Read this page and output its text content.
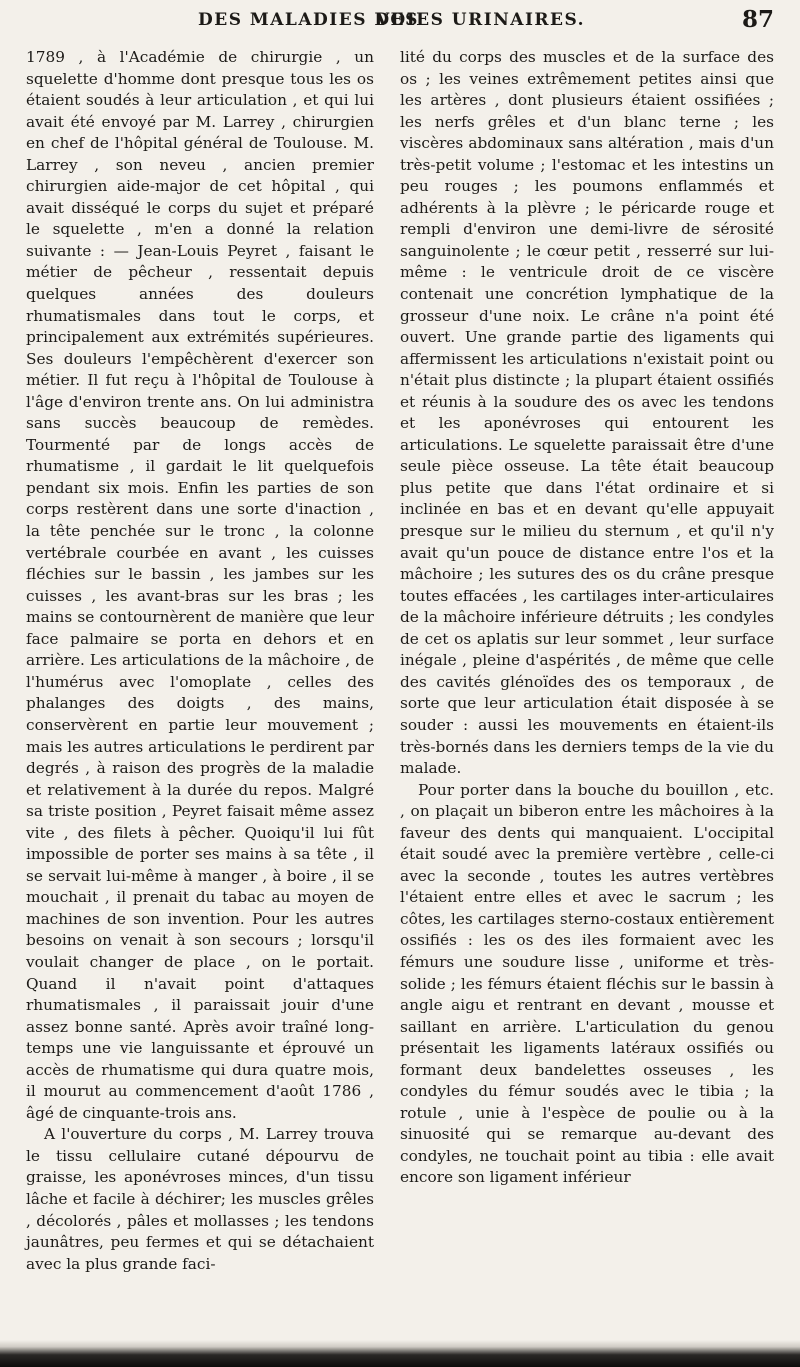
DES MALADIES DES
VOIES URINAIRES.	87

1789 , à l'Académie de chirurgie , un squelette d'homme dont presque tous les os étaient soudés à leur articulation , et qui lui avait été envoyé par M. Larrey , chirurgien en chef de l'hôpital général de Toulouse. M. Larrey , son neveu , ancien premier chirurgien aide-major de cet hôpital , qui avait disséqué le corps du sujet et préparé le squelette , m'en a donné la relation suivante : — Jean-Louis Peyret , faisant le métier de pêcheur , ressentait depuis quelques années des douleurs rhumatismales dans tout le corps, et principalement aux extrémités supérieures. Ses douleurs l'empêchèrent d'exercer son métier. Il fut reçu à l'hôpital de Toulouse à l'âge d'environ trente ans. On lui administra sans succès beaucoup de remèdes. Tourmenté par de longs accès de rhumatisme , il gardait le lit quelquefois pendant six mois. Enfin les parties de son corps restèrent dans une sorte d'inaction , la tête penchée sur le tronc , la colonne vertébrale courbée en avant , les cuisses fléchies sur le bassin , les jambes sur les cuisses , les avant-bras sur les bras ; les mains se contournèrent de manière que leur face palmaire se porta en dehors et en arrière. Les articulations de la mâchoire , de l'humérus avec l'omoplate , celles des phalanges des doigts , des mains, conservèrent en partie leur mouvement ; mais les autres articulations le perdirent par degrés , à raison des progrès de la maladie et relativement à la durée du repos. Malgré sa triste position , Peyret faisait même assez vite , des filets à pêcher. Quoiqu'il lui fût impossible de porter ses mains à sa tête , il se servait lui-même à manger , à boire , il se mouchait , il prenait du tabac au moyen de machines de son invention. Pour les autres besoins on venait à son secours ; lorsqu'il voulait changer de place , on le portait. Quand il n'avait point d'attaques rhumatismales , il paraissait jouir d'une assez bonne santé. Après avoir traîné long-temps une vie languissante et éprouvé un accès de rhumatisme qui dura quatre mois, il mourut au commencement d'août 1786 , âgé de cinquante-trois ans.

A l'ouverture du corps , M. Larrey trouva le tissu cellulaire cutané dépourvu de graisse, les aponévroses minces, d'un tissu lâche et facile à déchirer; les muscles grêles , décolorés , pâles et mollasses ; les tendons jaunâtres, peu fermes et qui se détachaient avec la plus grande faci-

lité du corps des muscles et de la surface des os ; les veines extrêmement petites ainsi que les artères , dont plusieurs étaient ossifiées ; les nerfs grêles et d'un blanc terne ; les viscères abdominaux sans altération , mais d'un très-petit volume ; l'estomac et les intestins un peu rouges ; les poumons enflammés et adhérents à la plèvre ; le péricarde rouge et rempli d'environ une demi-livre de sérosité sanguinolente ; le cœur petit , resserré sur lui-même : le ventricule droit de ce viscère contenait une concrétion lymphatique de la grosseur d'une noix. Le crâne n'a point été ouvert. Une grande partie des ligaments qui affermissent les articulations n'existait point ou n'était plus distincte ; la plupart étaient ossifiés et réunis à la soudure des os avec les tendons et les aponévroses qui entourent les articulations. Le squelette paraissait être d'une seule pièce osseuse. La tête était beaucoup plus petite que dans l'état ordinaire et si inclinée en bas et en devant qu'elle appuyait presque sur le milieu du sternum , et qu'il n'y avait qu'un pouce de distance entre l'os et la mâchoire ; les sutures des os du crâne presque toutes effacées , les cartilages inter-articulaires de la mâchoire inférieure détruits ; les condyles de cet os aplatis sur leur sommet , leur surface inégale , pleine d'aspérités , de même que celle des cavités glénoïdes des os temporaux , de sorte que leur articulation était disposée à se souder : aussi les mouvements en étaient-ils très-bornés dans les derniers temps de la vie du malade.

Pour porter dans la bouche du bouillon , etc. , on plaçait un biberon entre les mâchoires à la faveur des dents qui manquaient. L'occipital était soudé avec la première vertèbre , celle-ci avec la seconde , toutes les autres vertèbres l'étaient entre elles et avec le sacrum ; les côtes, les cartilages sterno-costaux entièrement ossifiés : les os des iles formaient avec les fémurs une soudure lisse , uniforme et très-solide ; les fémurs étaient fléchis sur le bassin à angle aigu et rentrant en devant , mousse et saillant en arrière. L'articulation du genou présentait les ligaments latéraux ossifiés ou formant deux bandelettes osseuses , les condyles du fémur soudés avec le tibia ; la rotule , unie à l'espèce de poulie ou à la sinuosité qui se remarque au-devant des condyles, ne touchait point au tibia : elle avait encore son ligament inférieur
